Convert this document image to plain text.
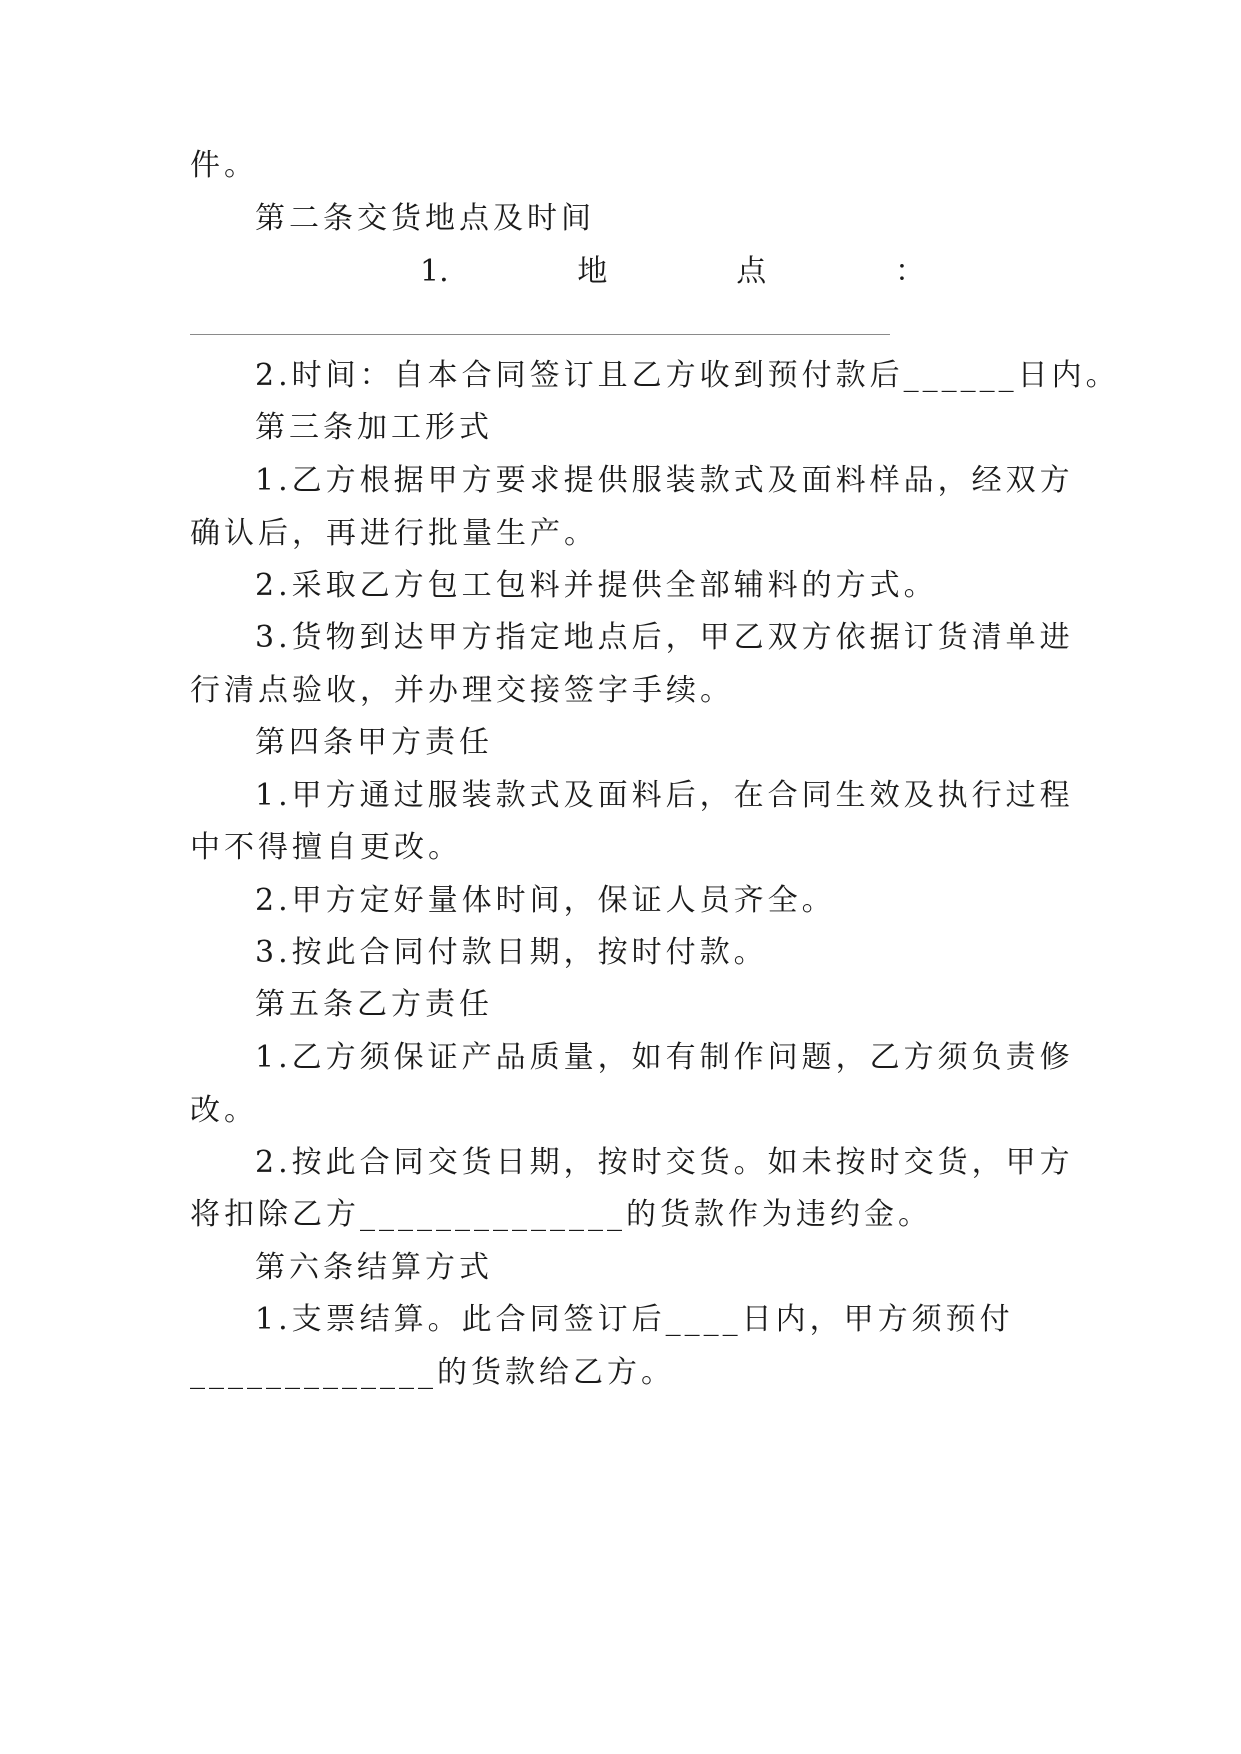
件。

第二条交货地点及时间

1.	地	点	：

2.时间：自本合同签订且乙方收到预付款后______日内。

第三条加工形式

1.乙方根据甲方要求提供服装款式及面料样品，经双方

确认后，再进行批量生产。

2.采取乙方包工包料并提供全部辅料的方式。

3.货物到达甲方指定地点后，甲乙双方依据订货清单进

行清点验收，并办理交接签字手续。

第四条甲方责任

1.甲方通过服装款式及面料后，在合同生效及执行过程

中不得擅自更改。

2.甲方定好量体时间，保证人员齐全。

3.按此合同付款日期，按时付款。

第五条乙方责任

1.乙方须保证产品质量，如有制作问题，乙方须负责修

改。

2.按此合同交货日期，按时交货。如未按时交货，甲方

将扣除乙方______________的货款作为违约金。

第六条结算方式

1.支票结算。此合同签订后____日内，甲方须预付

_____________的货款给乙方。
